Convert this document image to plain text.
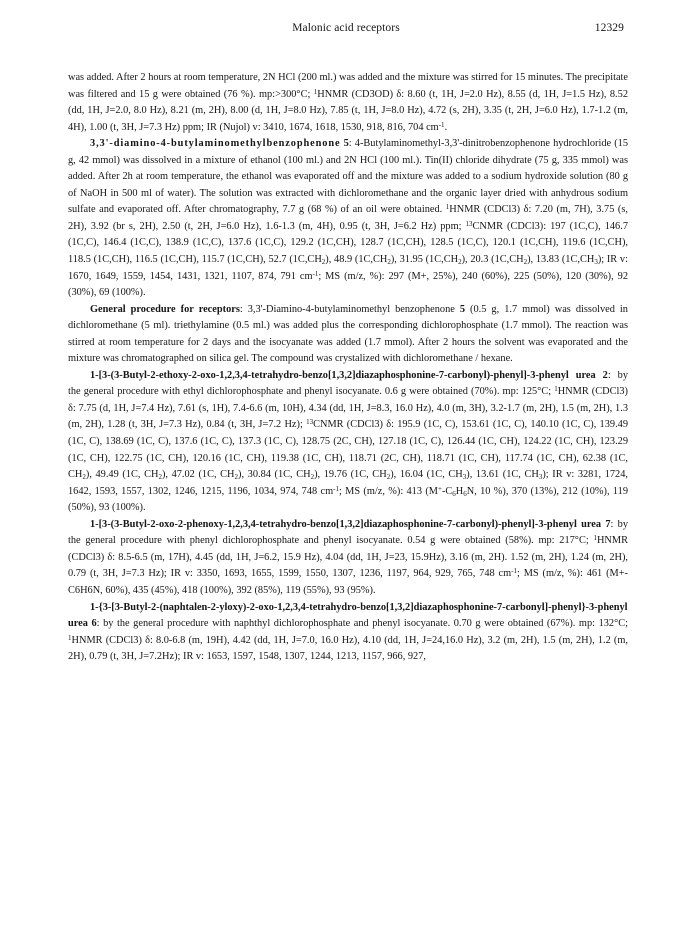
Malonic acid receptors	12329

was added. After 2 hours at room temperature, 2N HCl (200 ml.) was added and the mixture was stirred for 15 minutes. The precipitate was filtered and 15 g were obtained (76 %). mp:>300°C; $^1$HNMR (CD3OD) δ: 8.60 (t, 1H, J=2.0 Hz), 8.55 (d, 1H, J=1.5 Hz), 8.52 (dd, 1H, J=2.0, 8.0 Hz), 8.21 (m, 2H), 8.00 (d, 1H, J=8.0 Hz), 7.85 (t, 1H, J=8.0 Hz), 4.72 (s, 2H), 3.35 (t, 2H, J=6.0 Hz), 1.7-1.2 (m, 4H), 1.00 (t, 3H, J=7.3 Hz) ppm; IR (Nujol) v: 3410, 1674, 1618, 1530, 918, 816, 704 $cm^{-1}$.

3,3'-diamino-4-butylaminomethylbenzophenone 5: 4-Butylaminomethyl-3,3'-dinitrobenzophenone hydrochloride (15 g, 42 mmol) was dissolved in a mixture of ethanol (100 ml.) and 2N HCl (100 ml.). Tin(II) chloride dihydrate (75 g, 335 mmol) was added. After 2h at room temperature, the ethanol was evaporated off and the mixture was added to a sodium hydroxide solution (80 g of NaOH in 500 ml of water). The solution was extracted with dichloromethane and the organic layer dried with anhydrous sodium sulfate and evaporated off. After chromatography, 7.7 g (68 %) of an oil were obtained. $^1$HNMR (CDCl3) δ: 7.20 (m, 7H), 3.75 (s, 2H), 3.92 (br s, 2H), 2.50 (t, 2H, J=6.0 Hz), 1.6-1.3 (m, 4H), 0.95 (t, 3H, J=6.2 Hz) ppm; $^{13}$CNMR (CDCl3): 197 (1C,C), 146.7 (1C,C), 146.4 (1C,C), 138.9 (1C,C), 137.6 (1C,C), 129.2 (1C,CH), 128.7 (1C,CH), 128.5 (1C,C), 120.1 (1C,CH), 119.6 (1C,CH), 118.5 (1C,CH), 116.5 (1C,CH), 115.7 (1C,CH), 52.7 $(1C,CH_2)$, 48.9 $(1C,CH_2)$, 31.95 $(1C,CH_2)$, 20.3 $(1C,CH_2)$, 13.83 $(1C,CH_3)$; IR v: 1670, 1649, 1559, 1454, 1431, 1321, 1107, 874, 791 $cm^{-1}$; MS (m/z, %): 297 (M+, 25%), 240 (60%), 225 (50%), 120 (30%), 92 (30%), 69 (100%).

General procedure for receptors: 3,3'-Diamino-4-butylaminomethyl benzophenone 5 (0.5 g, 1.7 mmol) was dissolved in dichloromethane (5 ml). triethylamine (0.5 ml.) was added plus the corresponding dichlorophosphate (1.7 mmol). The reaction was stirred at room temperature for 2 days and the isocyanate was added (1.7 mmol). After 2 hours the solvent was evaporated and the mixture was chromatographed on silica gel. The compound was crystalized with dichloromethane / hexane.

1-[3-(3-Butyl-2-ethoxy-2-oxo-1,2,3,4-tetrahydro-benzo[1,3,2]diazaphosphonine-7-carbonyl)-phenyl]-3-phenyl urea 2: by the general procedure with ethyl dichlorophosphate and phenyl isocyanate. 0.6 g were obtained (70%). mp: 125°C; $^1$HNMR (CDCl3) δ: 7.75 (d, 1H, J=7.4 Hz), 7.61 (s, 1H), 7.4-6.6 (m, 10H), 4.34 (dd, 1H, J=8.3, 16.0 Hz), 4.0 (m, 3H), 3.2-1.7 (m, 2H), 1.5 (m, 2H), 1.3 (m, 2H), 1.28 (t, 3H, J=7.3 Hz), 0.84 (t, 3H, J=7.2 Hz); $^{13}$CNMR (CDCl3) δ: 195.9 (1C, C), 153.61 (1C, C), 140.10 (1C, C), 139.49 (1C, C), 138.69 (1C, C), 137.6 (1C, C), 137.3 (1C, C), 128.75 (2C, CH), 127.18 (1C, C), 126.44 (1C, CH), 124.22 (1C, CH), 123.29 (1C, CH), 122.75 (1C, CH), 120.16 (1C, CH), 119.38 (1C, CH), 118.71 (2C, CH), 118.71 (1C, CH), 117.74 (1C, CH), 62.38 (1C, $CH_2$), 49.49 (1C, $CH_2$), 47.02 (1C, $CH_2$), 30.84 (1C, $CH_2$), 19.76 (1C, $CH_2$), 16.04 (1C, $CH_3$), 13.61 (1C, $CH_3$); IR v: 3281, 1724, 1642, 1593, 1557, 1302, 1246, 1215, 1196, 1034, 974, 748 $cm^{-1}$; MS (m/z, %): 413 ($M^+-C_6H_6N$, 10 %), 370 (13%), 212 (10%), 119 (50%), 93 (100%).

1-[3-(3-Butyl-2-oxo-2-phenoxy-1,2,3,4-tetrahydro-benzo[1,3,2]diazaphosphonine-7-carbonyl)-phenyl]-3-phenyl urea 7: by the general procedure with phenyl dichlorophosphate and phenyl isocyanate. 0.54 g were obtained (58%). mp: 217°C; $^1$HNMR (CDCl3) δ: 8.5-6.5 (m, 17H), 4.45 (dd, 1H, J=6.2, 15.9 Hz), 4.04 (dd, 1H, J=23, 15.9Hz), 3.16 (m, 2H). 1.52 (m, 2H), 1.24 (m, 2H), 0.79 (t, 3H, J=7.3 Hz); IR v: 3350, 1693, 1655, 1599, 1550, 1307, 1236, 1197, 964, 929, 765, 748 $cm^{-1}$; MS (m/z, %): 461 (M+-C6H6N, 60%), 435 (45%), 418 (100%), 392 (85%), 119 (55%), 93 (95%).

1-{3-[3-Butyl-2-(naphtalen-2-yloxy)-2-oxo-1,2,3,4-tetrahydro-benzo[1,3,2]diazaphosphonine-7-carbonyl]-phenyl}-3-phenyl urea 6: by the general procedure with naphthyl dichlorophosphate and phenyl isocyanate. 0.70 g were obtained (67%). mp: 132°C; $^1$HNMR (CDCl3) δ: 8.0-6.8 (m, 19H), 4.42 (dd, 1H, J=7.0, 16.0 Hz), 4.10 (dd, 1H, J=24,16.0 Hz), 3.2 (m, 2H), 1.5 (m, 2H), 1.2 (m, 2H), 0.79 (t, 3H, J=7.2Hz); IR v: 1653, 1597, 1548, 1307, 1244, 1213, 1157, 966, 927,
